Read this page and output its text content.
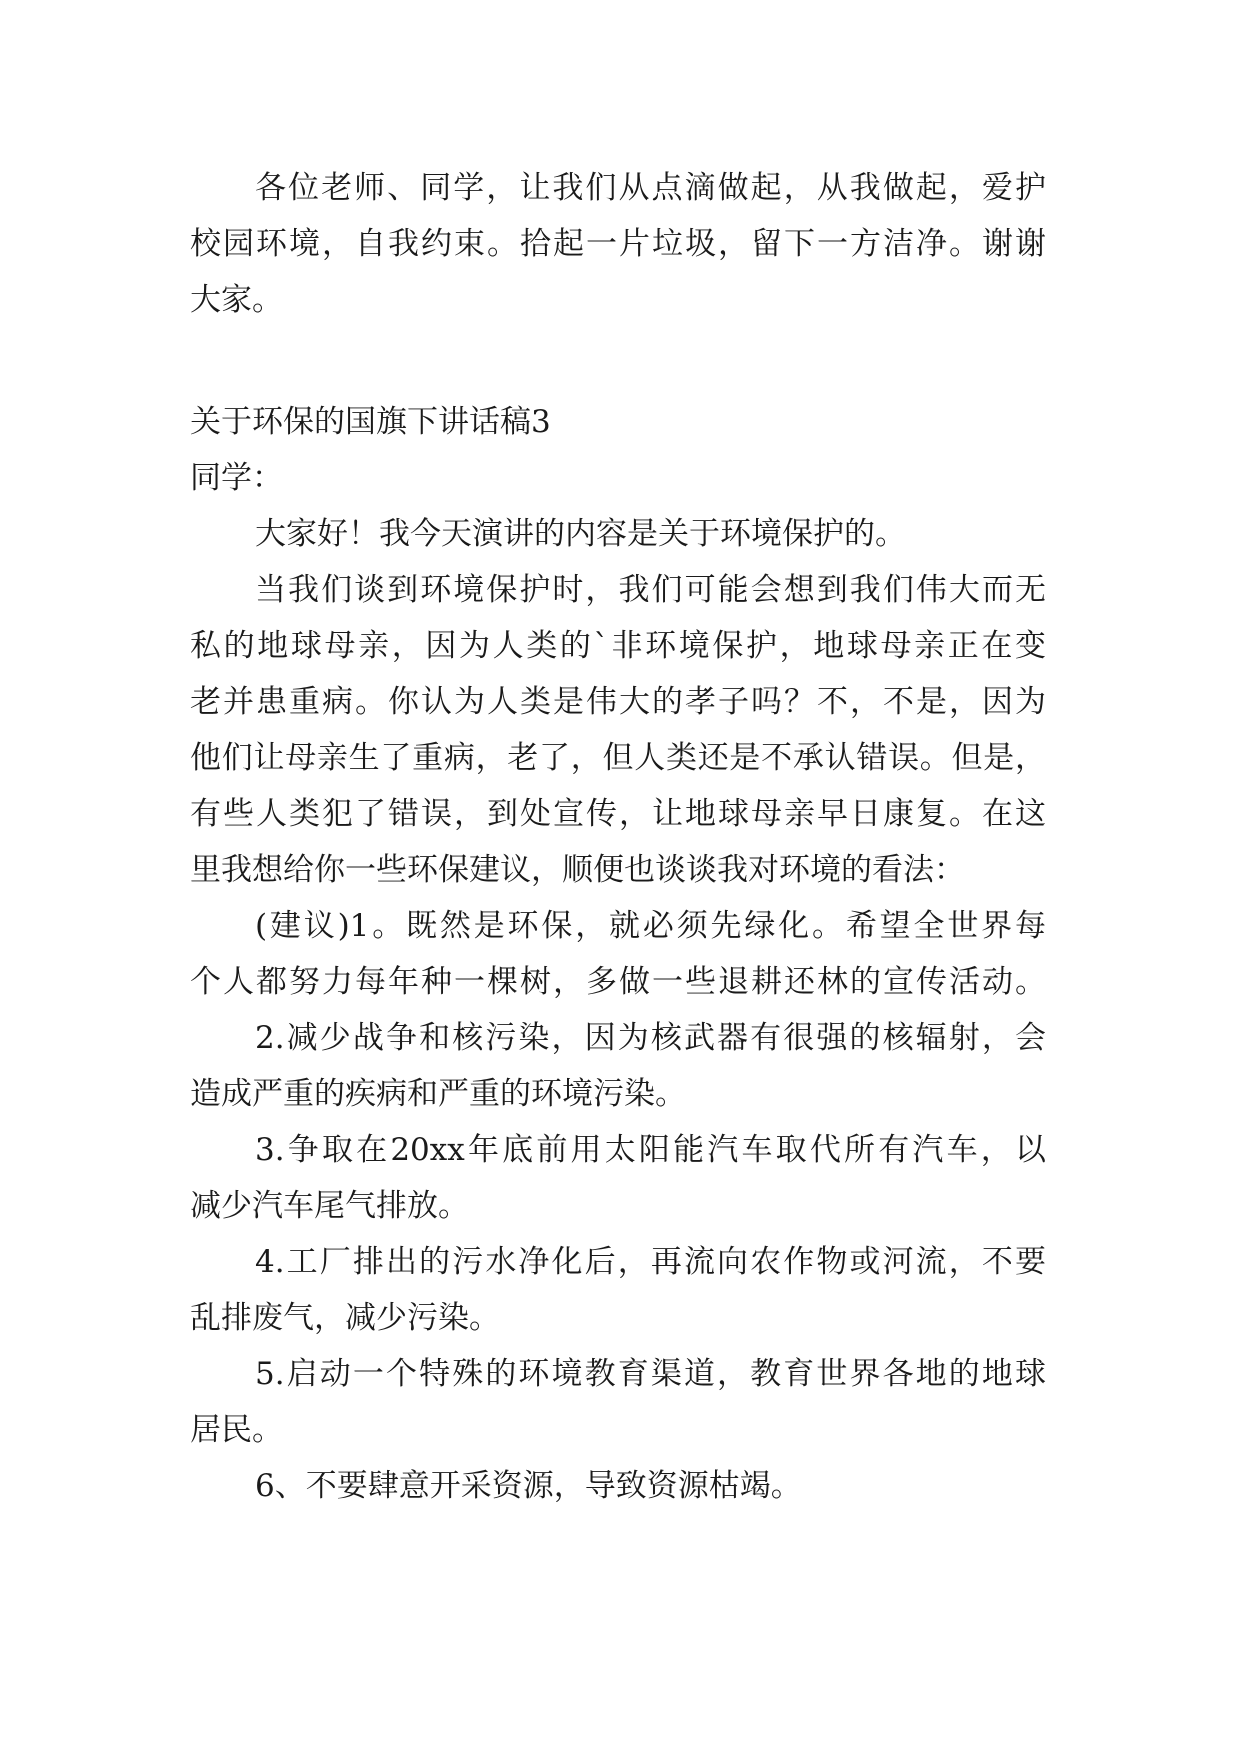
各位老师、同学，让我们从点滴做起，从我做起，爱护
校园环境，自我约束。拾起一片垃圾，留下一方洁净。谢谢
大家。
关于环保的国旗下讲话稿3
同学：
大家好！我今天演讲的内容是关于环境保护的。
当我们谈到环境保护时，我们可能会想到我们伟大而无
私的地球母亲，因为人类的`非环境保护，地球母亲正在变
老并患重病。你认为人类是伟大的孝子吗？不，不是，因为
他们让母亲生了重病，老了，但人类还是不承认错误。但是，
有些人类犯了错误，到处宣传，让地球母亲早日康复。在这
里我想给你一些环保建议，顺便也谈谈我对环境的看法：
(建议)1。既然是环保，就必须先绿化。希望全世界每
个人都努力每年种一棵树，多做一些退耕还林的宣传活动。
2.减少战争和核污染，因为核武器有很强的核辐射，会
造成严重的疾病和严重的环境污染。
3.争取在20xx年底前用太阳能汽车取代所有汽车，以
减少汽车尾气排放。
4.工厂排出的污水净化后，再流向农作物或河流，不要
乱排废气，减少污染。
5.启动一个特殊的环境教育渠道，教育世界各地的地球
居民。
6、不要肆意开采资源，导致资源枯竭。
